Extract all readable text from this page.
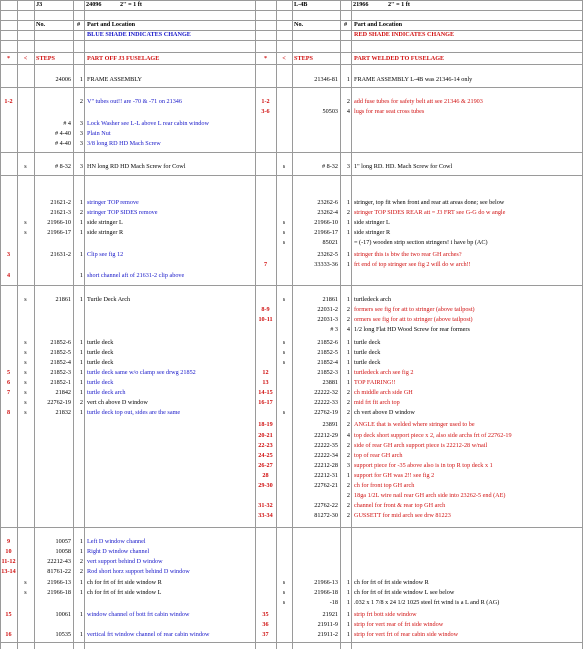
J3	24096	2'' = 1 ft	L-4B	21966	2'' = 1 ft
No.	#	Part and Location	No.	#	Part and Location
BLUE SHADE INDICATES CHANGE	RED SHADE INDICATES CHANGE
*	<	STEPS	PART OFF J3 FUSELAGE	*	<	STEPS	PART WELDED TO FUSELAGE
24006	1 FRAME ASSEMBLY	21346-81	1 FRAME ASSEMBLY L-4B was 21346-14 only
1-2	2 V" tubes out!! are -70 & -71 on 21346	1-2	2 add fuse tubes for safety belt att see 21346 & 21903
3-6	50503	4 lugs for rear seat cross tubes
# 4	3 Lock Washer see L-L above L rear cabin window
# 4-40	3 Plain Nut
# 4-40	3 3/8 long RD HD Mach Screw
s	# 8-32	3 HN long RD HD Mach Screw for Cowl	s	# 8-32	3 1" long RD. HD. Mach Screw for Cowl
21621-2	1 stringer TOP remove	23262-6	1 stringer, top fit when front and rear att areas done; see below
21621-3	2 stringer TOP SIDES remove	23262-4	2 stringer TOP SIDES REAR att = J3 FRT see G-G do w angle
s	21966-10	1 side stringer L	s	21966-10	1 side stringer L
s	21966-17	1 side stringer R	s	21966-17	1 side stringer R
s	85021	= (-17) wooden strip section stringers! i have bp (AC)
3	21631-2	1 Clip see fig 12	23262-5	1 stringer this is btw the two rear GH arches?
7	33333-36	1 frt end of top stringer see fig 2 will do w arch!!
4	1 short channel aft of 21631-2 clip above
s	21861	1 Turtle Deck Arch	s	21861	1 turtledeck arch
8-9	22031-2	2 formers see fig for att to stringer (above tailpost)
10-11	22031-3	2 ormers see fig for att to stringer (above tailpost)
# 3	4 1/2 long Flat HD Wood Screw for rear formers
s	21852-6	1 turtle deck	s	21852-6	1 turtle deck
s	21852-5	1 turtle deck	s	21852-5	1 turtle deck
s	21852-4	1 turtle deck	s	21852-4	1 turtle deck
5	s	21852-3	1 turtle deck same w/o clamp see drwg 21852	12	21852-3	1 turtledeck arch see fig 2
6	s	21852-1	1 turtle deck	13	23881	1 TOP FAIRING!!
7	s	21842	1 turtle deck arch	14-15	22222-32	2 ch middle arch side GH
s	22762-19	2 vert ch above D window	16-17	22222-33	2 mid frt fit arch top
8	s	21832	1 turtle deck top out, sides are the same	s	22762-19	2 ch vert above D window
18-19	23891	2 ANGLE that is welded where stringer used to be
20-21	22212-29	4 top deck short support piece x 2, also side archs frt of 22762-19
22-23	22222-35	2 side of rear GH arch support piece is 22212-28 w/nail
24-25	22222-34	2 top of rear GH arch
26-27	22212-28	3 support piece for -35 above also is in top R top deck x 1
28	22212-31	1 support for GH was 2!! see fig 2
29-30	22762-21	2 ch for front top GH arch
2 18ga 1/2L wire nail rear GH arch side into 23262-5 end (AE)
31-32	22762-22	2 channel for front & rear top GH arch
33-34	81272-30	2 GUSSETT for mid arch see drw 81223
9	10057	1 Left D window channel
10	10058	1 Right D window channel
11-12	22212-43	2 vert support behind D window
13-14	81761-22	2 Rod short horz support behind D window
s	21966-13	1 ch for frt of frt side window R	s	21966-13	1 ch for frt of frt side window R
s	21966-18	1 ch for frt of frt side window L	s	21966-18	1 ch for frt of frt side window L see below
s	-18	1 .032 x 1 7/8 x 24 1/2 1025 steel frt wind is a L and R (AG)
15	10061	1 window channel of bott frt cabin window	35	21921	1 strip frt bott side window
36	21911-9	1 strip for vert rear of frt side window
16	10535	1 vertical frt window channel of rear cabin window	37	21911-2	1 strip for vert frt of rear cabin side window
